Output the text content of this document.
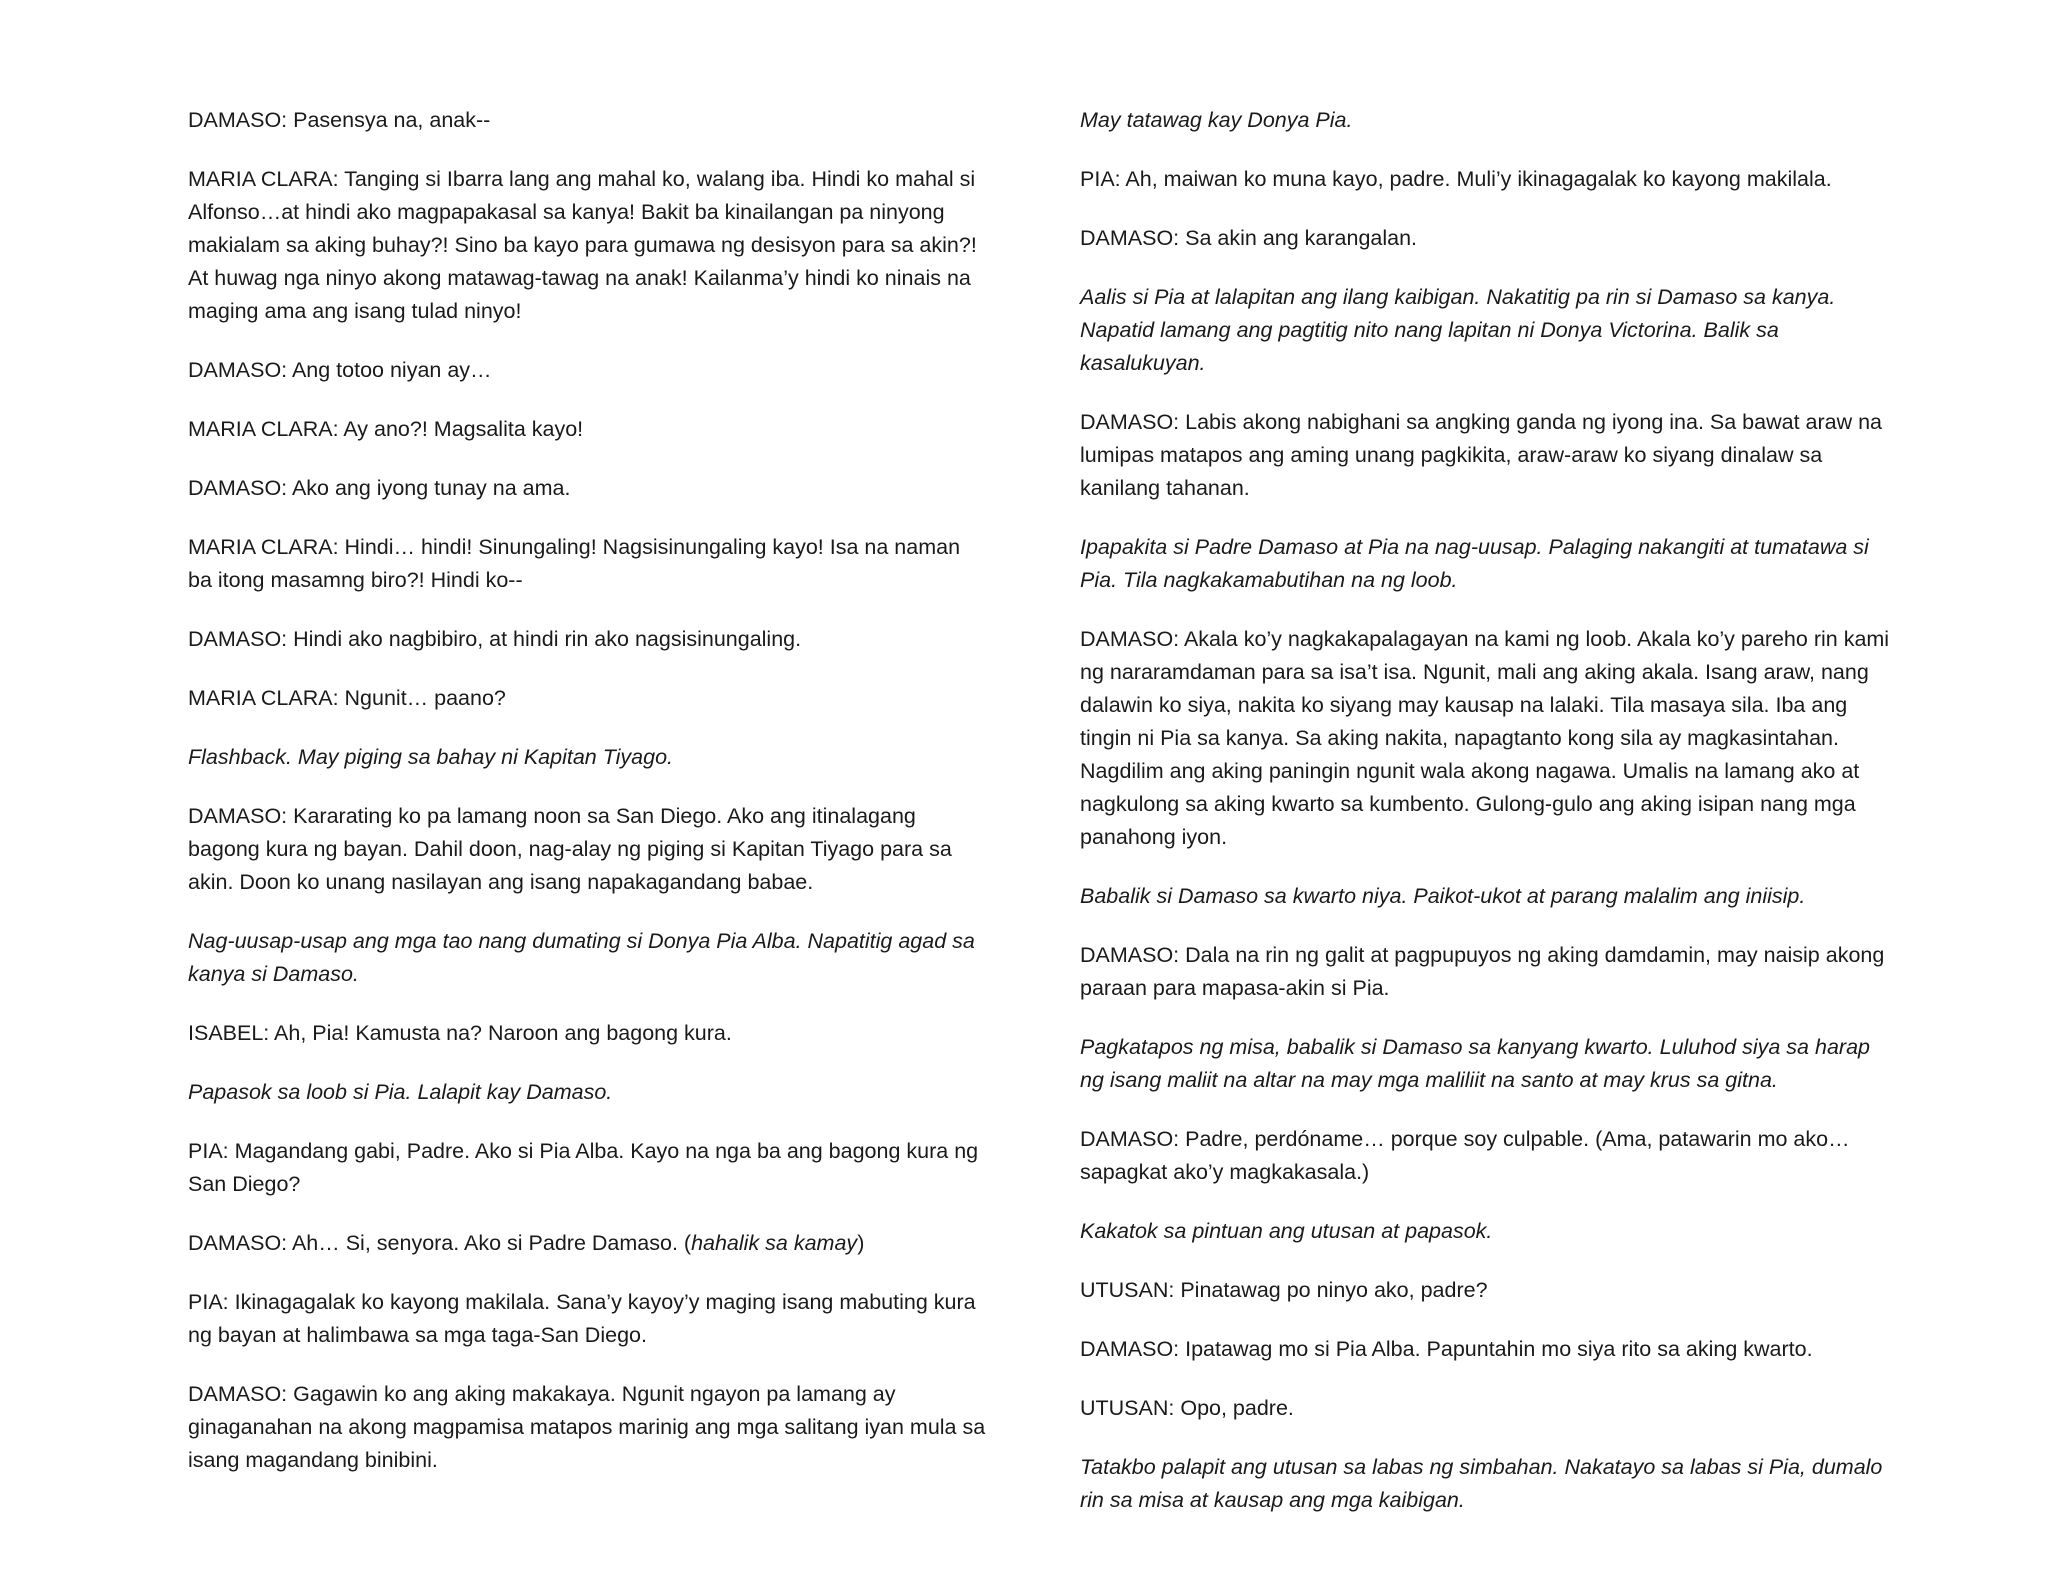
DAMASO: Pasensya na, anak--

MARIA CLARA: Tanging si Ibarra lang ang mahal ko, walang iba. Hindi ko mahal si Alfonso…at hindi ako magpapakasal sa kanya! Bakit ba kinailangan pa ninyong makialam sa aking buhay?! Sino ba kayo para gumawa ng desisyon para sa akin?! At huwag nga ninyo akong matawag-tawag na anak! Kailanma’y hindi ko ninais na maging ama ang isang tulad ninyo!

DAMASO: Ang totoo niyan ay…

MARIA CLARA: Ay ano?! Magsalita kayo!

DAMASO: Ako ang iyong tunay na ama.

MARIA CLARA: Hindi… hindi! Sinungaling! Nagsisinungaling kayo! Isa na naman ba itong masamng biro?! Hindi ko--

DAMASO: Hindi ako nagbibiro, at hindi rin ako nagsisinungaling.

MARIA CLARA: Ngunit… paano?

Flashback. May piging sa bahay ni Kapitan Tiyago.

DAMASO: Kararating ko pa lamang noon sa San Diego. Ako ang itinalagang bagong kura ng bayan. Dahil doon, nag-alay ng piging si Kapitan Tiyago para sa akin. Doon ko unang nasilayan ang isang napakagandang babae.

Nag-uusap-usap ang mga tao nang dumating si Donya Pia Alba. Napatitig agad sa kanya si Damaso.

ISABEL: Ah, Pia! Kamusta na? Naroon ang bagong kura.

Papasok sa loob si Pia. Lalapit kay Damaso.

PIA: Magandang gabi, Padre. Ako si Pia Alba. Kayo na nga ba ang bagong kura ng San Diego?

DAMASO: Ah… Si, senyora. Ako si Padre Damaso. (hahalik sa kamay)

PIA: Ikinagagalak ko kayong makilala. Sana’y kayoy’y maging isang mabuting kura ng bayan at halimbawa sa mga taga-San Diego.

DAMASO: Gagawin ko ang aking makakaya. Ngunit ngayon pa lamang ay ginaganahan na akong magpamisa matapos marinig ang mga salitang iyan mula sa isang magandang binibini.

May tatawag kay Donya Pia.

PIA: Ah, maiwan ko muna kayo, padre. Muli’y ikinagagalak ko kayong makilala.

DAMASO: Sa akin ang karangalan.

Aalis si Pia at lalapitan ang ilang kaibigan. Nakatitig pa rin si Damaso sa kanya. Napatid lamang ang pagtitig nito nang lapitan ni Donya Victorina. Balik sa kasalukuyan.

DAMASO: Labis akong nabighani sa angking ganda ng iyong ina. Sa bawat araw na lumipas matapos ang aming unang pagkikita, araw-araw ko siyang dinalaw sa kanilang tahanan.

Ipapakita si Padre Damaso at Pia na nag-uusap. Palaging nakangiti at tumatawa si Pia. Tila nagkakamabutihan na ng loob.

DAMASO: Akala ko’y nagkakapalagayan na kami ng loob. Akala ko’y pareho rin kami ng nararamdaman para sa isa’t isa. Ngunit, mali ang aking akala. Isang araw, nang dalawin ko siya, nakita ko siyang may kausap na lalaki. Tila masaya sila. Iba ang tingin ni Pia sa kanya. Sa aking nakita, napagtanto kong sila ay magkasintahan. Nagdilim ang aking paningin ngunit wala akong nagawa. Umalis na lamang ako at nagkulong sa aking kwarto sa kumbento. Gulong-gulo ang aking isipan nang mga panahong iyon.

Babalik si Damaso sa kwarto niya. Paikot-ukot at parang malalim ang iniisip.

DAMASO: Dala na rin ng galit at pagpupuyos ng aking damdamin, may naisip akong paraan para mapasa-akin si Pia.

Pagkatapos ng misa, babalik si Damaso sa kanyang kwarto. Luluhod siya sa harap ng isang maliit na altar na may mga maliliit na santo at may krus sa gitna.

DAMASO: Padre, perdóname… porque soy culpable. (Ama, patawarin mo ako… sapagkat ako’y magkakasala.)

Kakatok sa pintuan ang utusan at papasok.

UTUSAN: Pinatawag po ninyo ako, padre?

DAMASO: Ipatawag mo si Pia Alba. Papuntahin mo siya rito sa aking kwarto.

UTUSAN: Opo, padre.

Tatakbo palapit ang utusan sa labas ng simbahan. Nakatayo sa labas si Pia, dumalo rin sa misa at kausap ang mga kaibigan.
